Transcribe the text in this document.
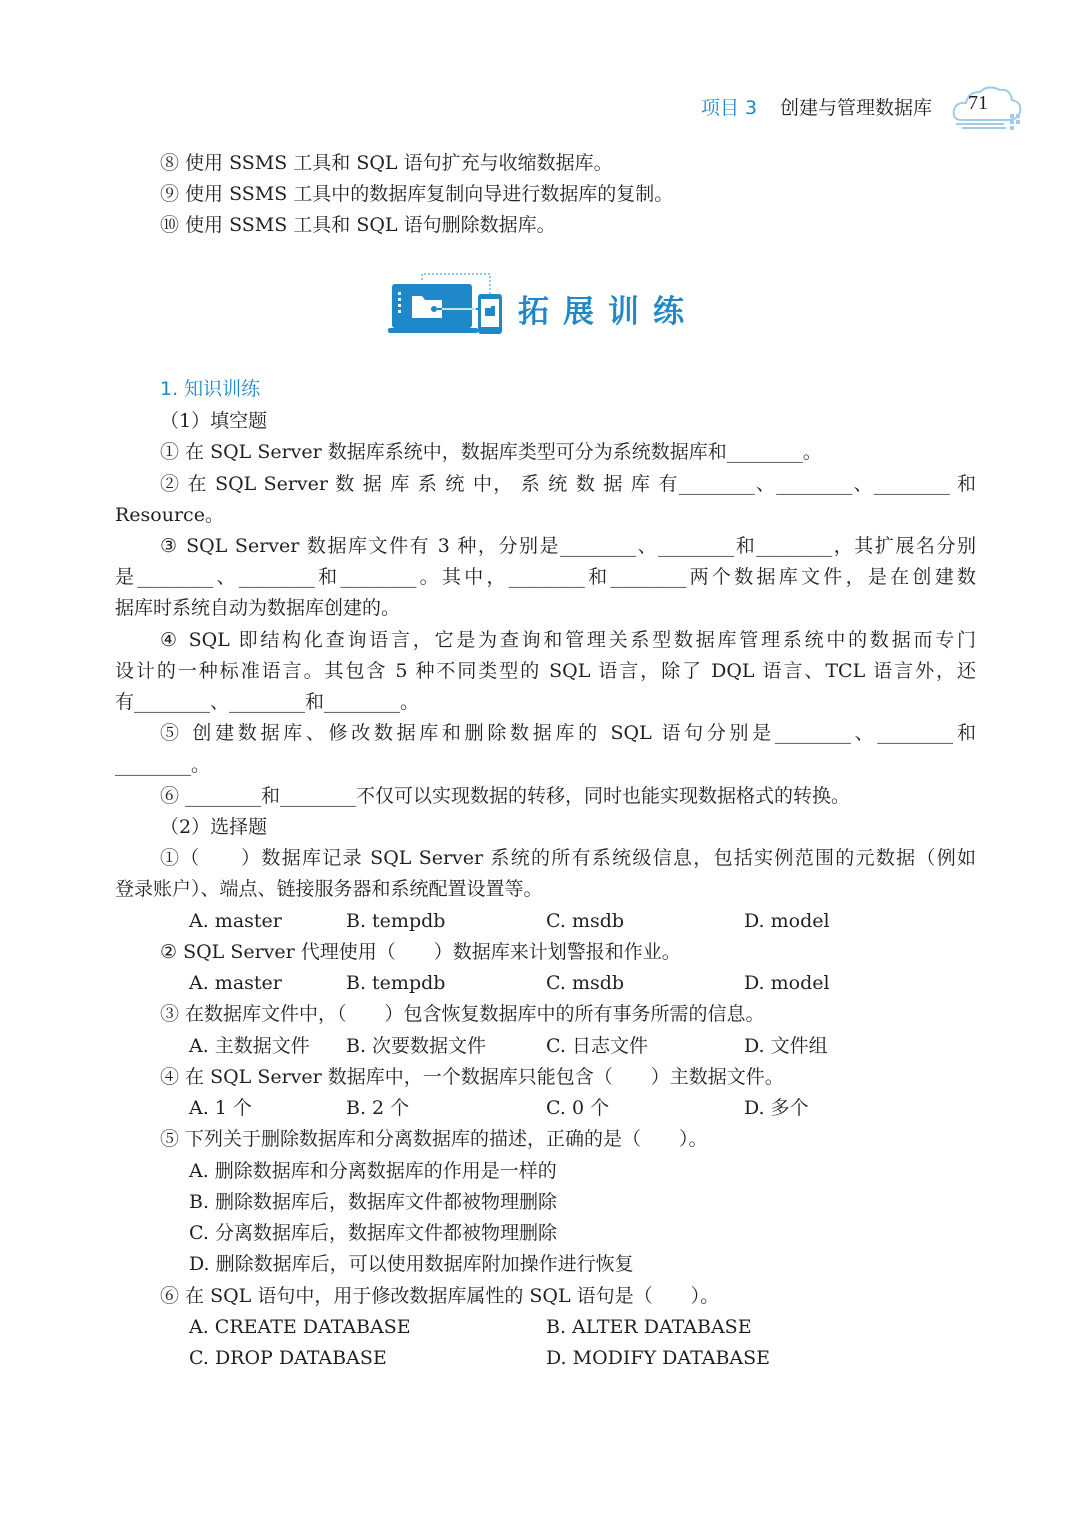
项目 3 创建与管理数据库 71
⑧ 使用 SSMS 工具和 SQL 语句扩充与收缩数据库。
⑨ 使用 SSMS 工具中的数据库复制向导进行数据库的复制。
⑩ 使用 SSMS 工具和 SQL 语句删除数据库。
拓展训练
1. 知识训练
（1）填空题
① 在 SQL Server 数据库系统中，数据库类型可分为系统数据库和________。
② 在 SQL Server 数 据 库 系 统 中， 系 统 数 据 库 有________、________、________ 和
Resource。
③ SQL Server 数据库文件有 3 种，分别是________、________和________，其扩展名分别
是________、________和________。其中，________和________两个数据库文件，是在创建数
据库时系统自动为数据库创建的。
④ SQL 即结构化查询语言，它是为查询和管理关系型数据库管理系统中的数据而专门
设计的一种标准语言。其包含 5 种不同类型的 SQL 语言，除了 DQL 语言、TCL 语言外，还
有________、________和________。
⑤ 创建数据库、修改数据库和删除数据库的 SQL 语句分别是________、________和
________。
⑥ ________和________不仅可以实现数据的转移，同时也能实现数据格式的转换。
（2）选择题
①（　　）数据库记录 SQL Server 系统的所有系统级信息，包括实例范围的元数据（例如
登录账户）、端点、链接服务器和系统配置设置等。
A. master	B. tempdb	C. msdb	D. model
② SQL Server 代理使用（　　）数据库来计划警报和作业。
A. master	B. tempdb	C. msdb	D. model
③ 在数据库文件中，（　　）包含恢复数据库中的所有事务所需的信息。
A. 主数据文件 B. 次要数据文件	C. 日志文件	D. 文件组
④ 在 SQL Server 数据库中，一个数据库只能包含（　　）主数据文件。
A. 1 个	B. 2 个	C. 0 个	D. 多个
⑤ 下列关于删除数据库和分离数据库的描述，正确的是（　　）。
A. 删除数据库和分离数据库的作用是一样的
B. 删除数据库后，数据库文件都被物理删除
C. 分离数据库后，数据库文件都被物理删除
D. 删除数据库后，可以使用数据库附加操作进行恢复
⑥ 在 SQL 语句中，用于修改数据库属性的 SQL 语句是（　　）。
A. CREATE DATABASE	B. ALTER DATABASE
C. DROP DATABASE	D. MODIFY DATABASE
